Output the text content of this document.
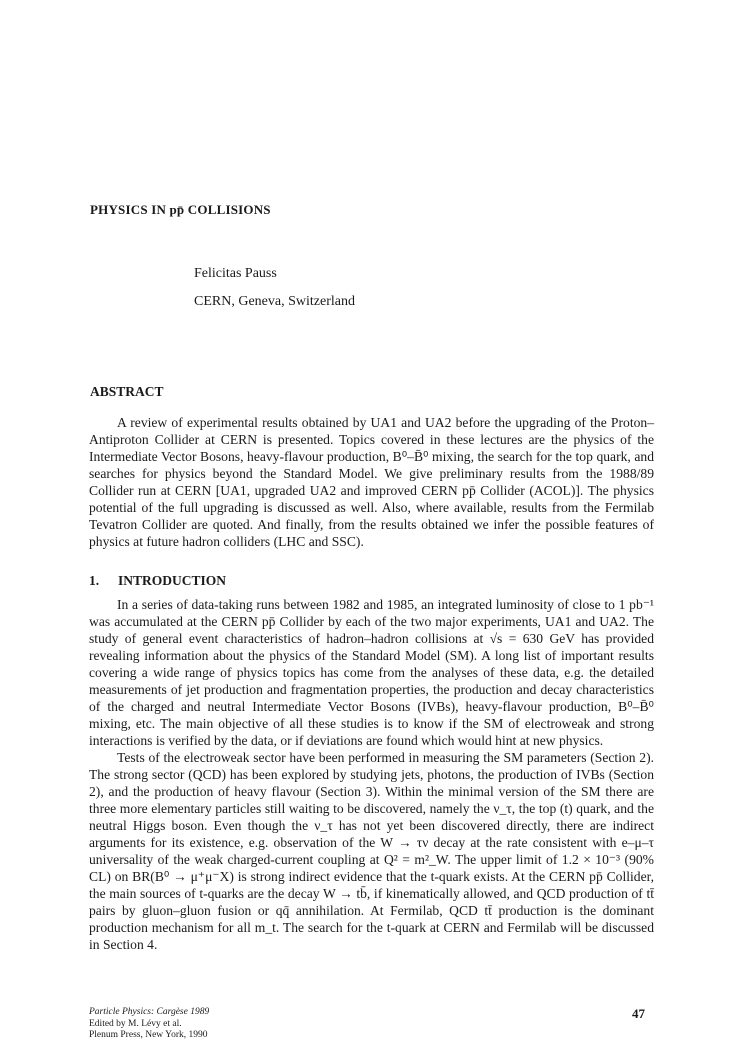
PHYSICS IN pp̄ COLLISIONS
Felicitas Pauss
CERN, Geneva, Switzerland
ABSTRACT
A review of experimental results obtained by UA1 and UA2 before the upgrading of the Proton–Antiproton Collider at CERN is presented. Topics covered in these lectures are the physics of the Intermediate Vector Bosons, heavy-flavour production, B⁰–B̄⁰ mixing, the search for the top quark, and searches for physics beyond the Standard Model. We give preliminary results from the 1988/89 Collider run at CERN [UA1, upgraded UA2 and improved CERN pp̄ Collider (ACOL)]. The physics potential of the full upgrading is discussed as well. Also, where available, results from the Fermilab Tevatron Collider are quoted. And finally, from the results obtained we infer the possible features of physics at future hadron colliders (LHC and SSC).
1. INTRODUCTION

In a series of data-taking runs between 1982 and 1985, an integrated luminosity of close to 1 pb⁻¹ was accumulated at the CERN pp̄ Collider by each of the two major experiments, UA1 and UA2. The study of general event characteristics of hadron–hadron collisions at √s = 630 GeV has provided revealing information about the physics of the Standard Model (SM). A long list of important results covering a wide range of physics topics has come from the analyses of these data, e.g. the detailed measurements of jet production and fragmentation properties, the production and decay characteristics of the charged and neutral Intermediate Vector Bosons (IVBs), heavy-flavour production, B⁰–B̄⁰ mixing, etc. The main objective of all these studies is to know if the SM of electroweak and strong interactions is verified by the data, or if deviations are found which would hint at new physics.

Tests of the electroweak sector have been performed in measuring the SM parameters (Section 2). The strong sector (QCD) has been explored by studying jets, photons, the production of IVBs (Section 2), and the production of heavy flavour (Section 3). Within the minimal version of the SM there are three more elementary particles still waiting to be discovered, namely the ν_τ, the top (t) quark, and the neutral Higgs boson. Even though the ν_τ has not yet been discovered directly, there are indirect arguments for its existence, e.g. observation of the W → τν decay at the rate consistent with e–μ–τ universality of the weak charged-current coupling at Q² = m²_W. The upper limit of 1.2 × 10⁻³ (90% CL) on BR(B⁰ → μ⁺μ⁻X) is strong indirect evidence that the t-quark exists. At the CERN pp̄ Collider, the main sources of t-quarks are the decay W → tb̄, if kinematically allowed, and QCD production of tt̄ pairs by gluon–gluon fusion or qq̄ annihilation. At Fermilab, QCD tt̄ production is the dominant production mechanism for all m_t. The search for the t-quark at CERN and Fermilab will be discussed in Section 4.

Particle Physics: Cargèse 1989
Edited by M. Lévy et al.
Plenum Press, New York, 1990
47
